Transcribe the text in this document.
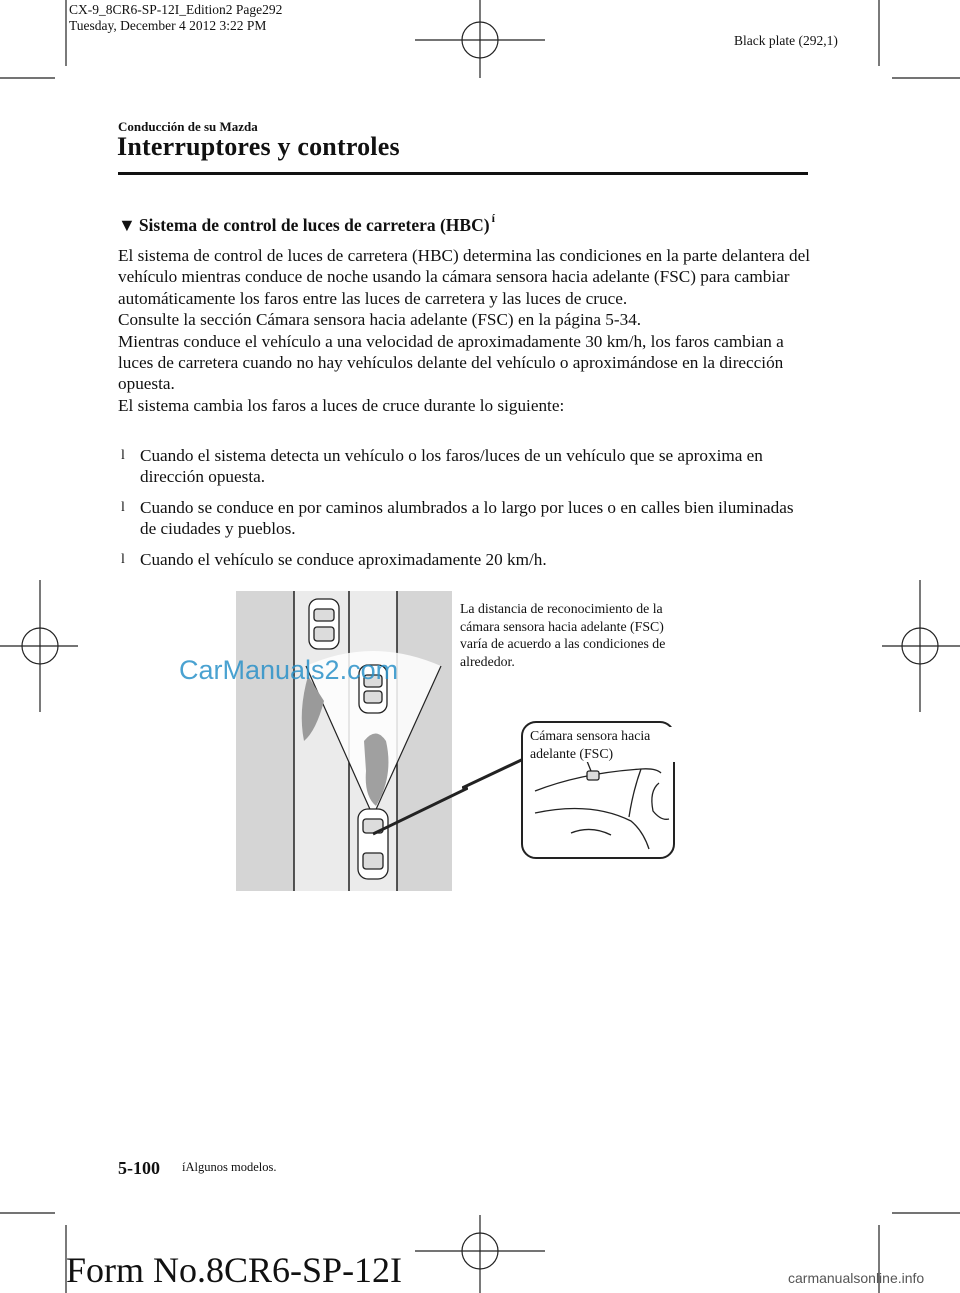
CX-9_8CR6-SP-12I_Edition2 Page292
Tuesday, December 4 2012 3:22 PM
Black plate (292,1)
Conducción de su Mazda
Interruptores y controles
▼ Sistema de control de luces de carretera (HBC) $^í$

El sistema de control de luces de carretera (HBC) determina las condiciones en la parte delantera del vehículo mientras conduce de noche usando la cámara sensora hacia adelante (FSC) para cambiar automáticamente los faros entre las luces de carretera y las luces de cruce.

Consulte la sección Cámara sensora hacia adelante (FSC) en la página 5-34.

Mientras conduce el vehículo a una velocidad de aproximadamente 30 km/h, los faros cambian a luces de carretera cuando no hay vehículos delante del vehículo o aproximándose en la dirección opuesta.

El sistema cambia los faros a luces de cruce durante lo siguiente:

l Cuando el sistema detecta un vehículo o los faros/luces de un vehículo que se aproxima en dirección opuesta.
l Cuando se conduce en por caminos alumbrados a lo largo por luces o en calles bien iluminadas de ciudades y pueblos.
l Cuando el vehículo se conduce aproximadamente 20 km/h.
CarManuals2.com
La distancia de reconocimiento de la cámara sensora hacia adelante (FSC) varía de acuerdo a las condiciones de alrededor.
Cámara sensora hacia adelante (FSC)
5-100 íAlgunos modelos.
Form No.8CR6-SP-12I	carmanualsonline.info
